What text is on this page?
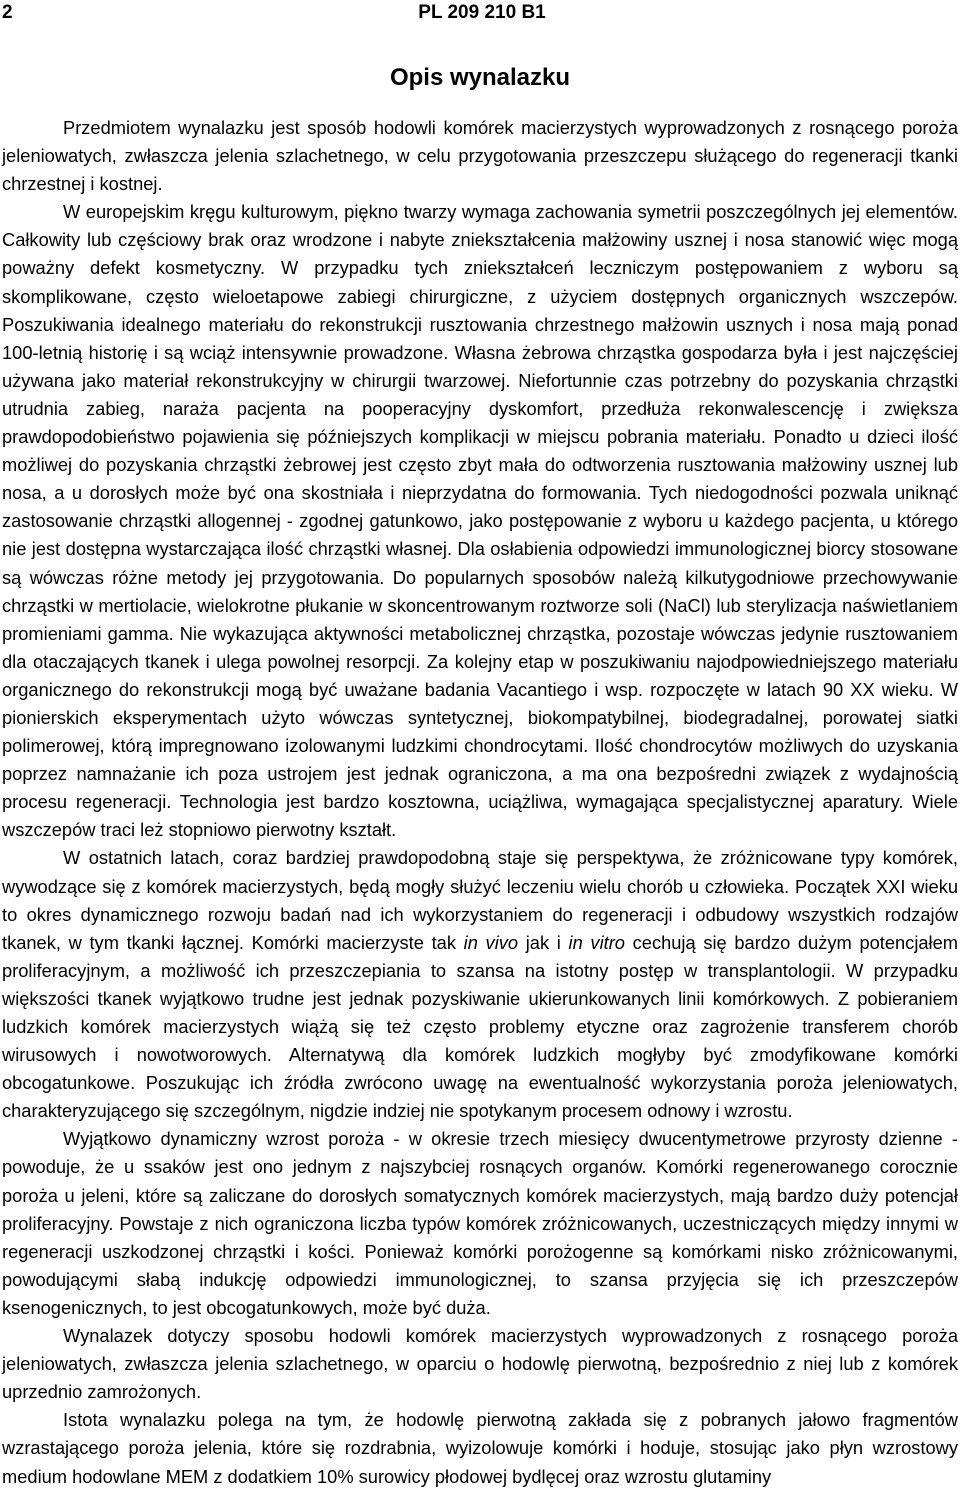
PL 209 210 B1
2
Opis wynalazku

Przedmiotem wynalazku jest sposób hodowli komórek macierzystych wyprowadzonych z rosnącego poroża jeleniowatych, zwłaszcza jelenia szlachetnego, w celu przygotowania przeszczepu służącego do regeneracji tkanki chrzestnej i kostnej.

W europejskim kręgu kulturowym, piękno twarzy wymaga zachowania symetrii poszczególnych jej elementów. Całkowity lub częściowy brak oraz wrodzone i nabyte zniekształcenia małżowiny usznej i nosa stanowić więc mogą poważny defekt kosmetyczny. W przypadku tych zniekształceń leczniczym postępowaniem z wyboru są skomplikowane, często wieloetapowe zabiegi chirurgiczne, z użyciem dostępnych organicznych wszczepów. Poszukiwania idealnego materiału do rekonstrukcji rusztowania chrzestnego małżowin usznych i nosa mają ponad 100-letnią historię i są wciąż intensywnie prowadzone. Własna żebrowa chrząstka gospodarza była i jest najczęściej używana jako materiał rekonstrukcyjny w chirurgii twarzowej. Niefortunnie czas potrzebny do pozyskania chrząstki utrudnia zabieg, naraża pacjenta na pooperacyjny dyskomfort, przedłuża rekonwalescencję i zwiększa prawdopodobieństwo pojawienia się późniejszych komplikacji w miejscu pobrania materiału. Ponadto u dzieci ilość możliwej do pozyskania chrząstki żebrowej jest często zbyt mała do odtworzenia rusztowania małżowiny usznej lub nosa, a u dorosłych może być ona skostniała i nieprzydatna do formowania. Tych niedogodności pozwala uniknąć zastosowanie chrząstki allogennej - zgodnej gatunkowo, jako postępowanie z wyboru u każdego pacjenta, u którego nie jest dostępna wystarczająca ilość chrząstki własnej. Dla osłabienia odpowiedzi immunologicznej biorcy stosowane są wówczas różne metody jej przygotowania. Do popularnych sposobów należą kilkutygodniowe przechowywanie chrząstki w mertiolacie, wielokrotne płukanie w skoncentrowanym roztworze soli (NaCl) lub sterylizacja naświetlaniem promieniami gamma. Nie wykazująca aktywności metabolicznej chrząstka, pozostaje wówczas jedynie rusztowaniem dla otaczających tkanek i ulega powolnej resorpcji. Za kolejny etap w poszukiwaniu najodpowiedniejszego materiału organicznego do rekonstrukcji mogą być uważane badania Vacantiego i wsp. rozpoczęte w latach 90 XX wieku. W pionierskich eksperymentach użyto wówczas syntetycznej, biokompatybilnej, biodegradalnej, porowatej siatki polimerowej, którą impregnowano izolowanymi ludzkimi chondrocytami. Ilość chondrocytów możliwych do uzyskania poprzez namnażanie ich poza ustrojem jest jednak ograniczona, a ma ona bezpośredni związek z wydajnością procesu regeneracji. Technologia jest bardzo kosztowna, uciążliwa, wymagająca specjalistycznej aparatury. Wiele wszczepów traci leż stopniowo pierwotny kształt.

W ostatnich latach, coraz bardziej prawdopodobną staje się perspektywa, że zróżnicowane typy komórek, wywodzące się z komórek macierzystych, będą mogły służyć leczeniu wielu chorób u człowieka. Początek XXI wieku to okres dynamicznego rozwoju badań nad ich wykorzystaniem do regeneracji i odbudowy wszystkich rodzajów tkanek, w tym tkanki łącznej. Komórki macierzyste tak in vivo jak i in vitro cechują się bardzo dużym potencjałem proliferacyjnym, a możliwość ich przeszczepiania to szansa na istotny postęp w transplantologii. W przypadku większości tkanek wyjątkowo trudne jest jednak pozyskiwanie ukierunkowanych linii komórkowych. Z pobieraniem ludzkich komórek macierzystych wiążą się też często problemy etyczne oraz zagrożenie transferem chorób wirusowych i nowotworowych. Alternatywą dla komórek ludzkich mogłyby być zmodyfikowane komórki obcogatunkowe. Poszukując ich źródła zwrócono uwagę na ewentualność wykorzystania poroża jeleniowatych, charakteryzującego się szczególnym, nigdzie indziej nie spotykanym procesem odnowy i wzrostu.

Wyjątkowo dynamiczny wzrost poroża - w okresie trzech miesięcy dwucentymetrowe przyrosty dzienne - powoduje, że u ssaków jest ono jednym z najszybciej rosnących organów. Komórki regenerowanego corocznie poroża u jeleni, które są zaliczane do dorosłych somatycznych komórek macierzystych, mają bardzo duży potencjał proliferacyjny. Powstaje z nich ograniczona liczba typów komórek zróżnicowanych, uczestniczących między innymi w regeneracji uszkodzonej chrząstki i kości. Ponieważ komórki porożogenne są komórkami nisko zróżnicowanymi, powodującymi słabą indukcję odpowiedzi immunologicznej, to szansa przyjęcia się ich przeszczepów ksenogenicznych, to jest obcogatunkowych, może być duża.

Wynalazek dotyczy sposobu hodowli komórek macierzystych wyprowadzonych z rosnącego poroża jeleniowatych, zwłaszcza jelenia szlachetnego, w oparciu o hodowlę pierwotną, bezpośrednio z niej lub z komórek uprzednio zamrożonych.

Istota wynalazku polega na tym, że hodowlę pierwotną zakłada się z pobranych jałowo fragmentów wzrastającego poroża jelenia, które się rozdrabnia, wyizolowuje komórki i hoduje, stosując jako płyn wzrostowy medium hodowlane MEM z dodatkiem 10% surowicy płodowej bydlęcej oraz wzrostu glutaminy
